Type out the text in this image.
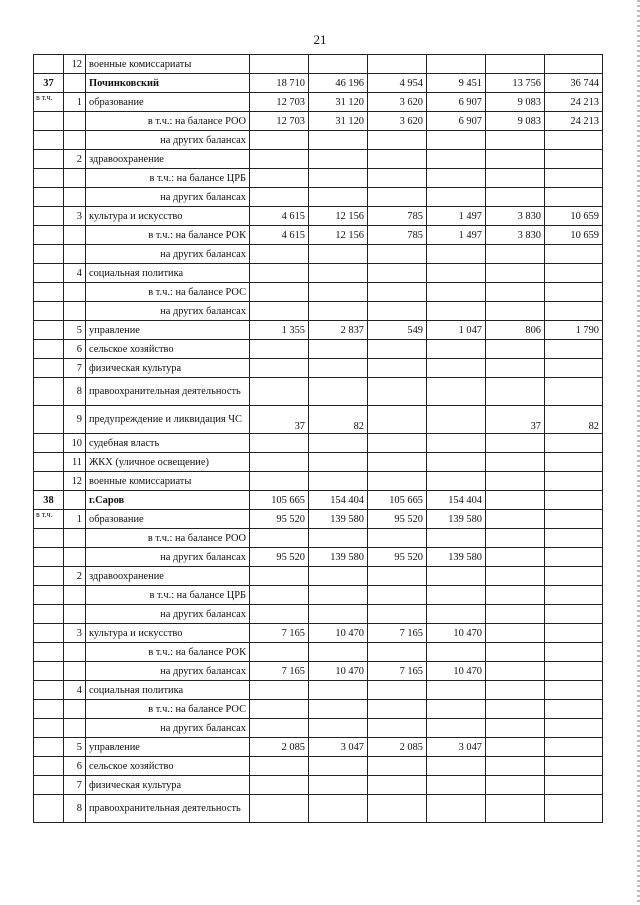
21
	12	военные комиссариаты						
37		Починковский	18 710	46 196	4 954	9 451	13 756	36 744
в т.ч.	1	образование	12 703	31 120	3 620	6 907	9 083	24 213
		в т.ч.: на балансе РОО	12 703	31 120	3 620	6 907	9 083	24 213
		на других балансах						
	2	здравоохранение						
		в т.ч.: на балансе ЦРБ						
		на других балансах						
	3	культура и искусство	4 615	12 156	785	1 497	3 830	10 659
		в т.ч.: на балансе РОК	4 615	12 156	785	1 497	3 830	10 659
		на других балансах						
	4	социальная политика						
		в т.ч.: на балансе РОС						
		на других балансах						
	5	управление	1 355	2 837	549	1 047	806	1 790
	6	сельское хозяйство						
	7	физическая культура						
	8	правоохранительная деятельность						
	9	предупреждение и ликвидация ЧС	37	82			37	82
	10	судебная власть						
	11	ЖКХ (уличное освещение)						
	12	военные комиссариаты						
38		г.Саров	105 665	154 404	105 665	154 404		
в т.ч.	1	образование	95 520	139 580	95 520	139 580		
		в т.ч.: на балансе РОО						
		на других балансах	95 520	139 580	95 520	139 580		
	2	здравоохранение						
		в т.ч.: на балансе ЦРБ						
		на других балансах						
	3	культура и искусство	7 165	10 470	7 165	10 470		
		в т.ч.: на балансе РОК						
		на других балансах	7 165	10 470	7 165	10 470		
	4	социальная политика						
		в т.ч.: на балансе РОС						
		на других балансах						
	5	управление	2 085	3 047	2 085	3 047		
	6	сельское хозяйство						
	7	физическая культура						
	8	правоохранительная деятельность						
